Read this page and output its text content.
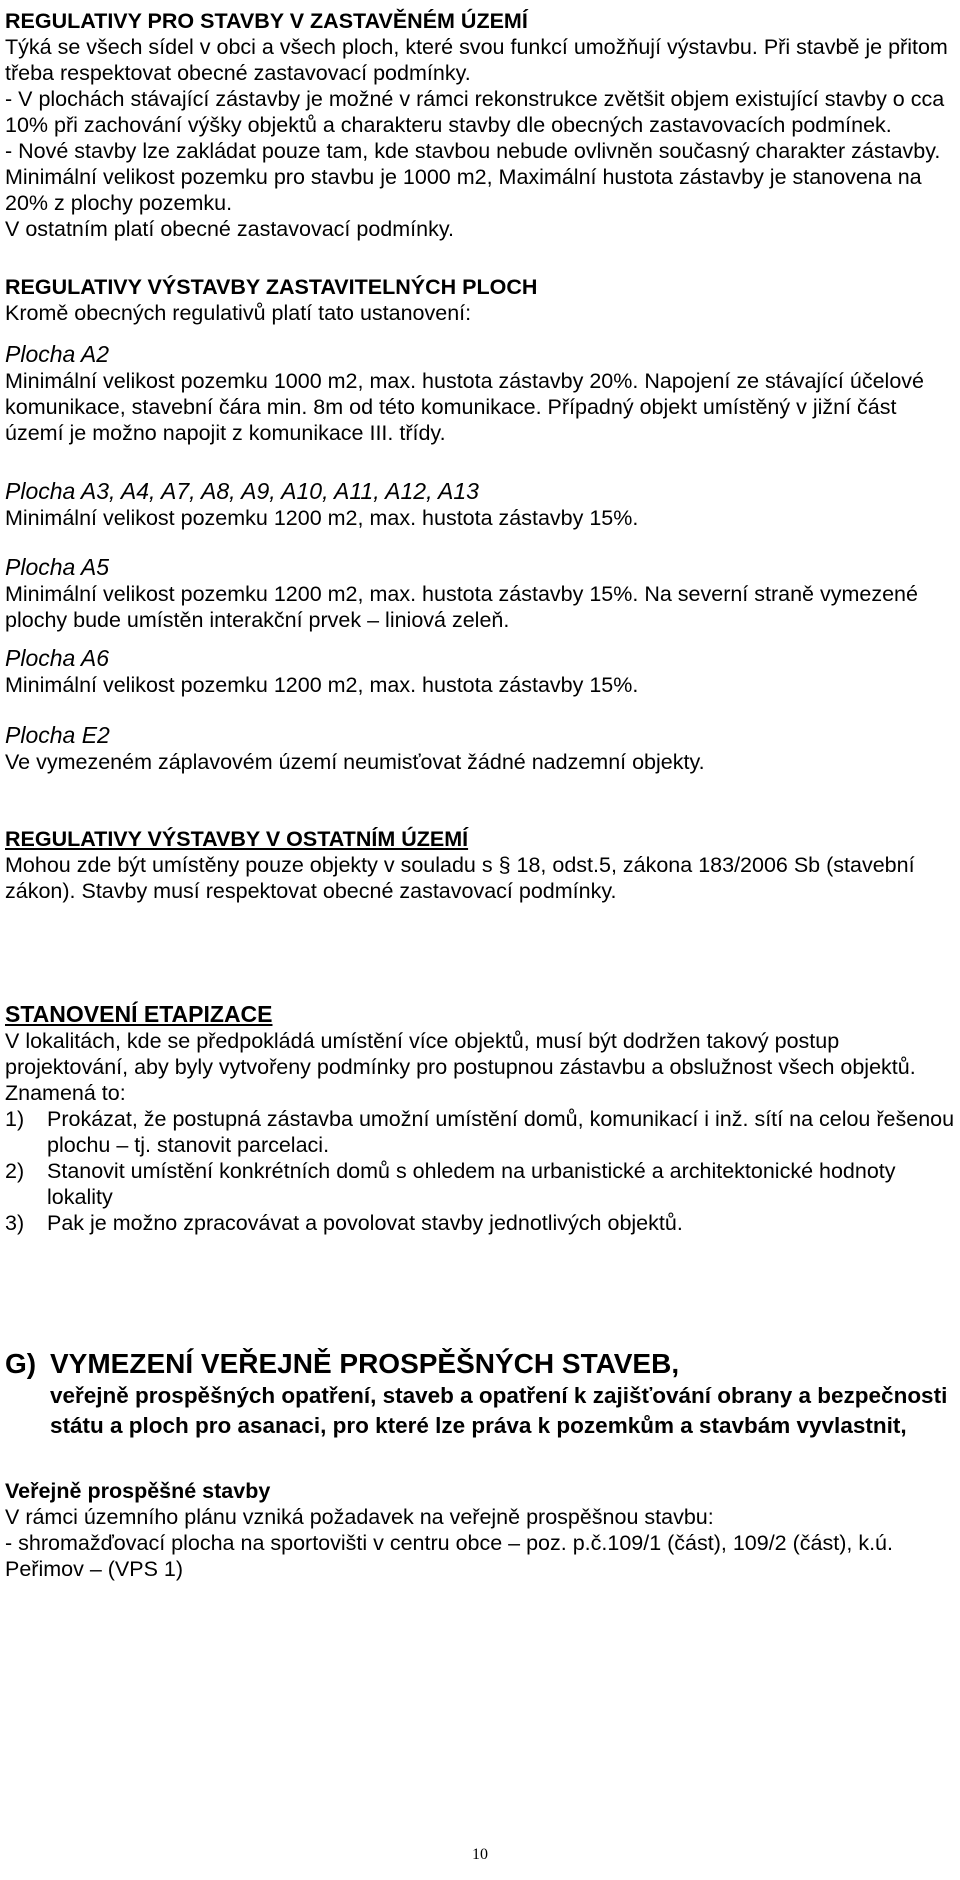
REGULATIVY PRO STAVBY V ZASTAVĚNÉM ÚZEMÍ

Týká se všech sídel v obci a všech ploch, které svou funkcí umožňují výstavbu. Při stavbě je přitom třeba respektovat obecné zastavovací podmínky.

- V plochách stávající zástavby je možné v rámci rekonstrukce zvětšit objem existující stavby o cca 10% při zachování výšky objektů a charakteru stavby dle obecných zastavovacích podmínek.

- Nové stavby lze zakládat pouze tam, kde stavbou nebude ovlivněn současný charakter zástavby. Minimální velikost pozemku pro stavbu je 1000 m2, Maximální hustota zástavby je stanovena na 20% z plochy pozemku.

V ostatním platí obecné zastavovací podmínky.

REGULATIVY VÝSTAVBY ZASTAVITELNÝCH PLOCH

Kromě obecných regulativů platí tato ustanovení:

Plocha A2

Minimální velikost pozemku 1000 m2, max. hustota zástavby 20%. Napojení ze stávající účelové komunikace, stavební čára min. 8m od této komunikace. Případný objekt umístěný v jižní část území je možno napojit z komunikace III. třídy.

Plocha A3, A4, A7, A8, A9, A10, A11, A12, A13

Minimální velikost pozemku 1200 m2, max. hustota zástavby 15%.

Plocha A5

Minimální velikost pozemku 1200 m2, max. hustota zástavby 15%. Na severní straně vymezené plochy bude umístěn interakční prvek – liniová zeleň.

Plocha A6

Minimální velikost pozemku 1200 m2, max. hustota zástavby 15%.

Plocha E2

Ve vymezeném záplavovém území neumisťovat žádné nadzemní objekty.

REGULATIVY VÝSTAVBY V OSTATNÍM ÚZEMÍ

Mohou zde být umístěny pouze objekty v souladu s § 18, odst.5, zákona 183/2006 Sb (stavební zákon). Stavby musí respektovat obecné zastavovací podmínky.

STANOVENÍ ETAPIZACE

V lokalitách, kde se předpokládá umístění více objektů, musí být dodržen takový postup projektování, aby byly vytvořeny podmínky pro postupnou zástavbu a obslužnost všech objektů. Znamená to:

1) Prokázat, že postupná zástavba umožní umístění domů, komunikací i inž. sítí na celou řešenou plochu – tj. stanovit parcelaci.
2) Stanovit umístění konkrétních domů s ohledem na urbanistické a architektonické hodnoty lokality
3) Pak je možno zpracovávat a povolovat stavby jednotlivých objektů.
G) VYMEZENÍ VEŘEJNĚ PROSPĚŠNÝCH STAVEB,

veřejně prospěšných opatření, staveb a opatření k zajišťování obrany a bezpečnosti státu a ploch pro asanaci, pro které lze práva k pozemkům a stavbám vyvlastnit,

Veřejně prospěšné stavby

V rámci územního plánu vzniká požadavek na veřejně prospěšnou stavbu:

- shromažďovací plocha na sportovišti v centru obce – poz. p.č.109/1 (část), 109/2 (část), k.ú. Peřimov – (VPS 1)

10
